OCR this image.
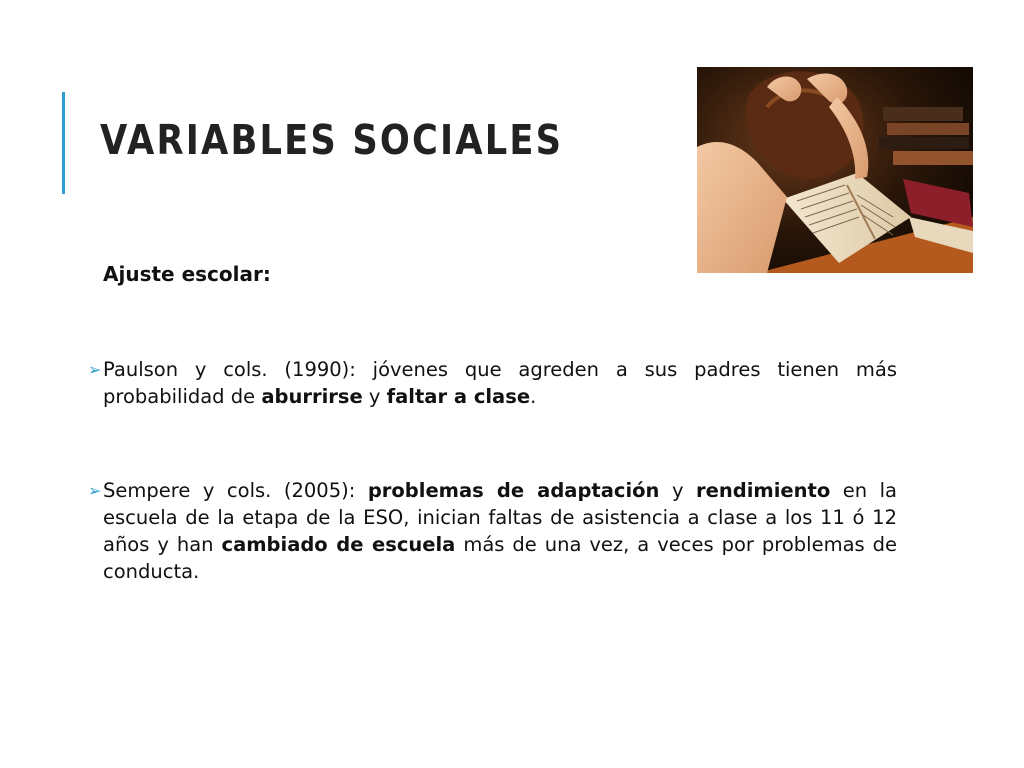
VARIABLES SOCIALES

Ajuste escolar:

➢ Paulson y cols. (1990): jóvenes que agreden a sus padres tienen más probabilidad de aburrirse y faltar a clase.

➢ Sempere y cols. (2005): problemas de adaptación y rendimiento en la escuela de la etapa de la ESO, inician faltas de asistencia a clase a los 11 ó 12 años y han cambiado de escuela más de una vez, a veces por problemas de conducta.
